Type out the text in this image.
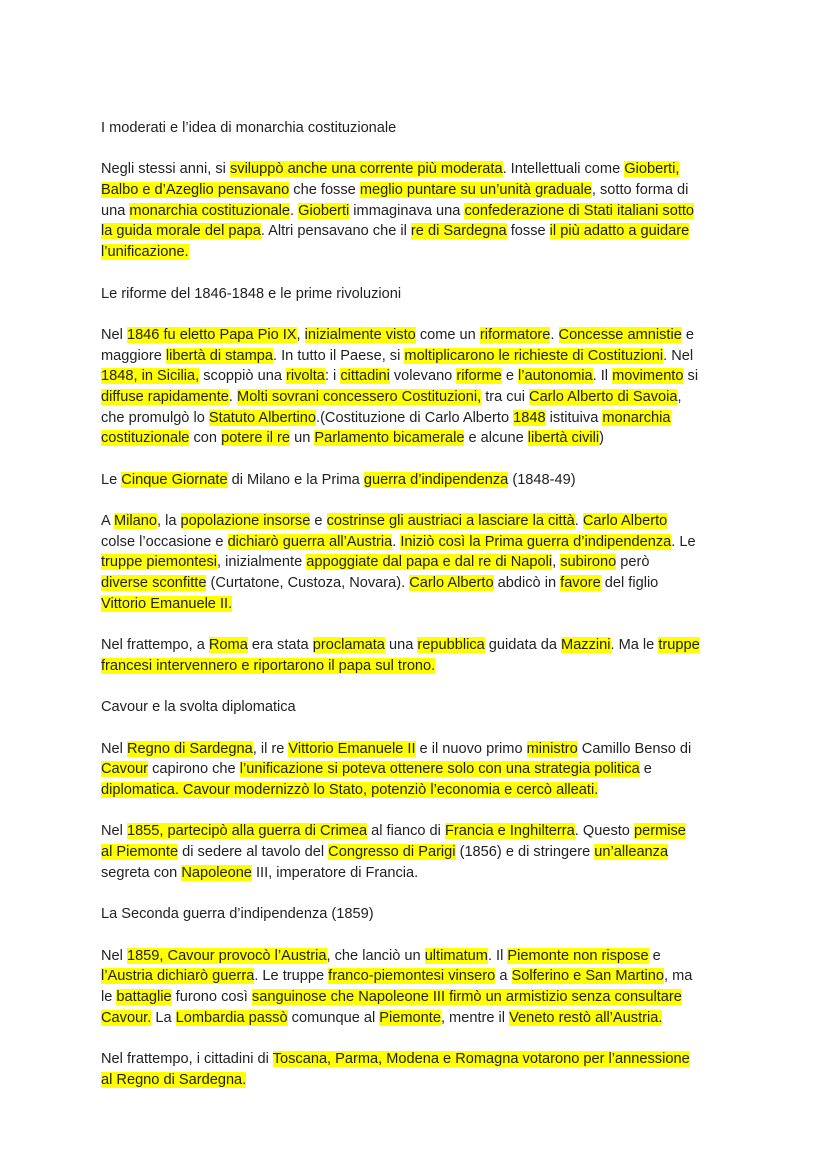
I moderati e l’idea di monarchia costituzionale
Negli stessi anni, si sviluppò anche una corrente più moderata. Intellettuali come Gioberti,
Balbo e d’Azeglio pensavano che fosse meglio puntare su un’unità graduale, sotto forma di
una monarchia costituzionale. Gioberti immaginava una confederazione di Stati italiani sotto
la guida morale del papa. Altri pensavano che il re di Sardegna fosse il più adatto a guidare
l’unificazione.
Le riforme del 1846-1848 e le prime rivoluzioni
Nel 1846 fu eletto Papa Pio IX, inizialmente visto come un riformatore. Concesse amnistie e
maggiore libertà di stampa. In tutto il Paese, si moltiplicarono le richieste di Costituzioni. Nel
1848, in Sicilia, scoppiò una rivolta: i cittadini volevano riforme e l’autonomia. Il movimento si
diffuse rapidamente. Molti sovrani concessero Costituzioni, tra cui Carlo Alberto di Savoia,
che promulgò lo Statuto Albertino.(Costituzione di Carlo Alberto 1848 istituiva monarchia
costituzionale con potere il re un Parlamento bicamerale e alcune libertà civili)
Le Cinque Giornate di Milano e la Prima guerra d’indipendenza (1848-49)
A Milano, la popolazione insorse e costrinse gli austriaci a lasciare la città. Carlo Alberto
colse l’occasione e dichiarò guerra all’Austria. Iniziò così la Prima guerra d’indipendenza. Le
truppe piemontesi, inizialmente appoggiate dal papa e dal re di Napoli, subirono però
diverse sconfitte (Curtatone, Custoza, Novara). Carlo Alberto abdicò in favore del figlio
Vittorio Emanuele II.
Nel frattempo, a Roma era stata proclamata una repubblica guidata da Mazzini. Ma le truppe
francesi intervennero e riportarono il papa sul trono.
Cavour e la svolta diplomatica
Nel Regno di Sardegna, il re Vittorio Emanuele II e il nuovo primo ministro Camillo Benso di
Cavour capirono che l’unificazione si poteva ottenere solo con una strategia politica e
diplomatica. Cavour modernizzò lo Stato, potenziò l’economia e cercò alleati.
Nel 1855, partecipò alla guerra di Crimea al fianco di Francia e Inghilterra. Questo permise
al Piemonte di sedere al tavolo del Congresso di Parigi (1856) e di stringere un’alleanza
segreta con Napoleone III, imperatore di Francia.
La Seconda guerra d’indipendenza (1859)
Nel 1859, Cavour provocò l’Austria, che lanciò un ultimatum. Il Piemonte non rispose e
l’Austria dichiarò guerra. Le truppe franco-piemontesi vinsero a Solferino e San Martino, ma
le battaglie furono così sanguinose che Napoleone III firmò un armistizio senza consultare
Cavour. La Lombardia passò comunque al Piemonte, mentre il Veneto restò all’Austria.
Nel frattempo, i cittadini di Toscana, Parma, Modena e Romagna votarono per l’annessione
al Regno di Sardegna.
